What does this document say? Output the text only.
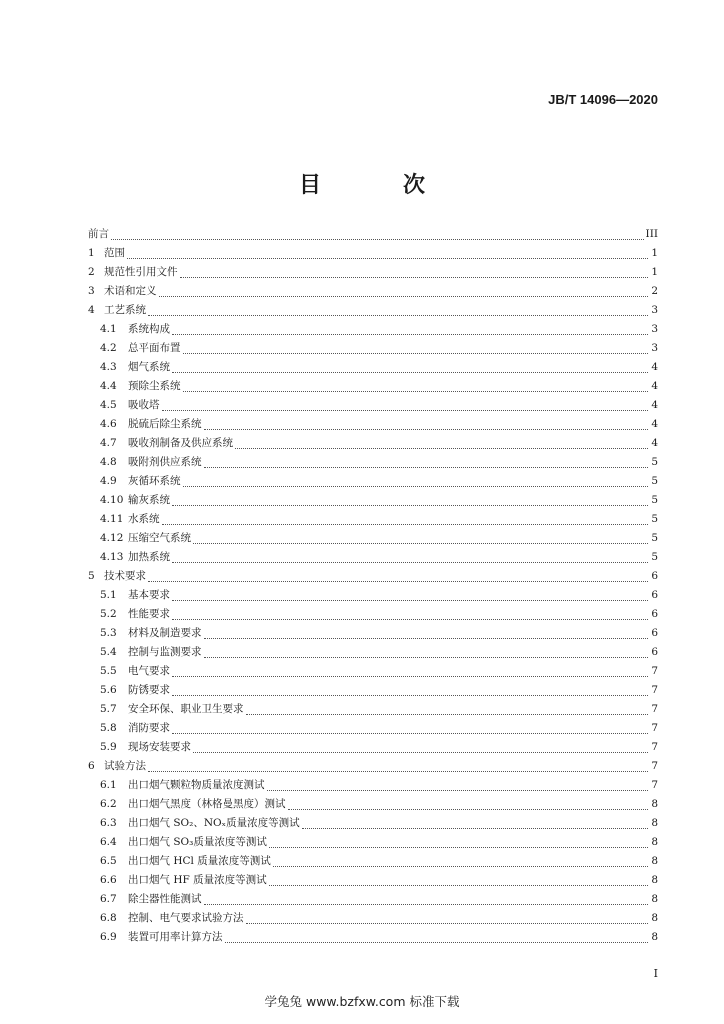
JB/T 14096—2020
目　次
前言	III
1 范围	1
2 规范性引用文件	1
3 术语和定义	2
4 工艺系统	3
4.1	系统构成	3
4.2	总平面布置	3
4.3	烟气系统	4
4.4	预除尘系统	4
4.5	吸收塔	4
4.6	脱硫后除尘系统	4
4.7	吸收剂制备及供应系统	4
4.8	吸附剂供应系统	5
4.9	灰循环系统	5
4.10 输灰系统	5
4.11 水系统	5
4.12 压缩空气系统	5
4.13 加热系统	5
5 技术要求	6
5.1	基本要求	6
5.2	性能要求	6
5.3	材料及制造要求	6
5.4	控制与监测要求	6
5.5	电气要求	7
5.6	防锈要求	7
5.7	安全环保、职业卫生要求	7
5.8	消防要求	7
5.9	现场安装要求	7
6 试验方法	7
6.1	出口烟气颗粒物质量浓度测试	7
6.2	出口烟气黑度（林格曼黑度）测试	8
6.3	出口烟气 SO₂、NOₓ质量浓度等测试	8
6.4	出口烟气 SO₃质量浓度等测试	8
6.5	出口烟气 HCl 质量浓度等测试	8
6.6	出口烟气 HF 质量浓度等测试	8
6.7	除尘器性能测试	8
6.8	控制、电气要求试验方法	8
6.9	装置可用率计算方法	8
I
学兔兔 www.bzfxw.com 标准下载
